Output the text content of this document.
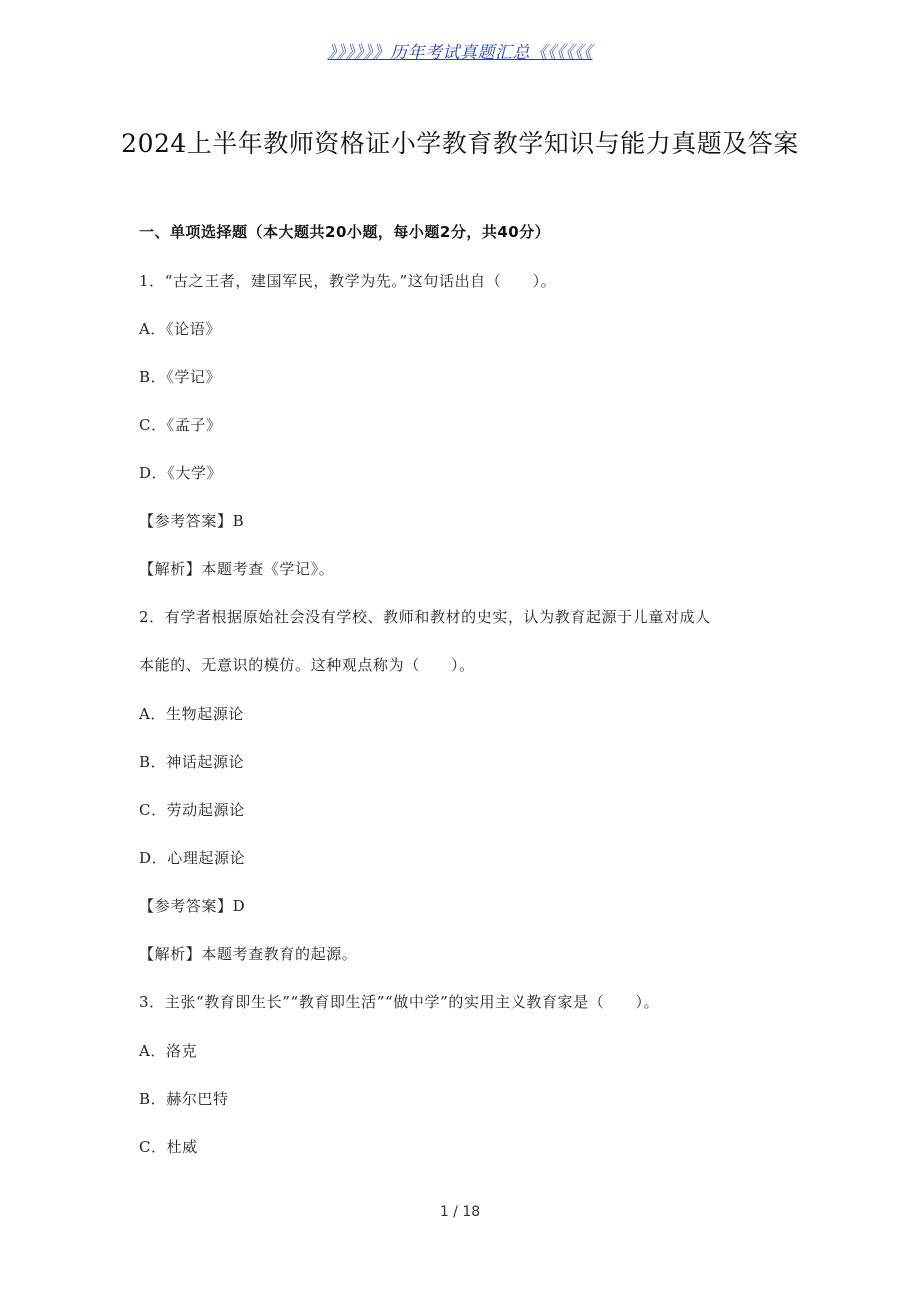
》》》》》》历年考试真题汇总《《《《《《
2024上半年教师资格证小学教育教学知识与能力真题及答案
一、单项选择题（本大题共20小题，每小题2分，共40分）
1．“古之王者，建国军民，教学为先。”这句话出自（　　）。
A．《论语》
B．《学记》
C．《孟子》
D．《大学》
【参考答案】B
【解析】本题考查《学记》。
2．有学者根据原始社会没有学校、教师和教材的史实，认为教育起源于儿童对成人
本能的、无意识的模仿。这种观点称为（　　）。
A．生物起源论
B．神话起源论
C．劳动起源论
D．心理起源论
【参考答案】D
【解析】本题考查教育的起源。
3．主张“教育即生长”“教育即生活”“做中学”的实用主义教育家是（　　）。
A．洛克
B．赫尔巴特
C．杜威
1 / 18
